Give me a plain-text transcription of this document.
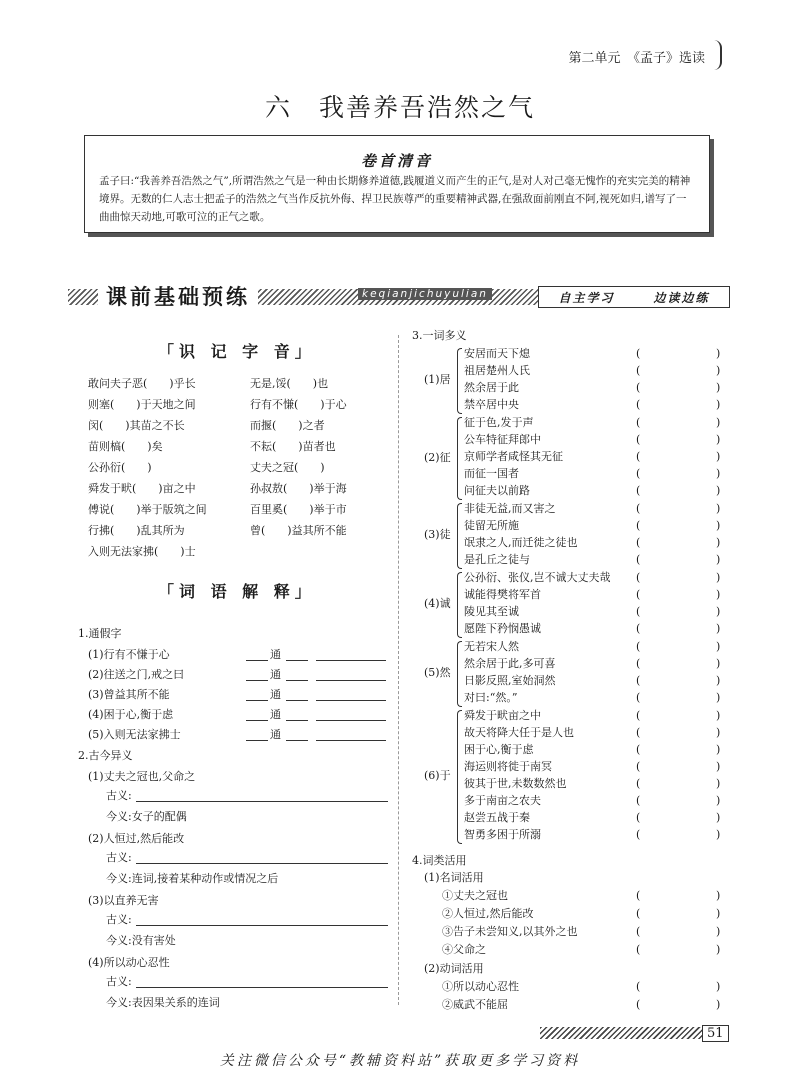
第二单元　《孟子》选读
六　我善养吾浩然之气
卷首清音
孟子曰:“我善养吾浩然之气”,所谓浩然之气是一种由长期修养道德,践履道义而产生的正气,是对人对己毫无愧怍的充实完美的精神境界。无数的仁人志士把孟子的浩然之气当作反抗外侮、捍卫民族尊严的重要精神武器,在强敌面前刚直不阿,视死如归,谱写了一曲曲惊天动地,可歌可泣的正气之歌。
课前基础预练	keqianjichuyulian	自主学习	边读边练
「识 记 字 音」
敢问夫子恶(　　)乎长	无是,馁(　　)也
则塞(　　)于天地之间	行有不慊(　　)于心
闵(　　)其苗之不长	而揠(　　)之者
苗则槁(　　)矣	不耘(　　)苗者也
公孙衍(　　)	丈夫之冠(　　)
舜发于畎(　　)亩之中	孙叔敖(　　)举于海
傅说(　　)举于版筑之间	百里奚(　　)举于市
行拂(　　)乱其所为	曾(　　)益其所不能
入则无法家拂(　　)士
「词 语 解 释」
1.通假字
(1)行有不慊于心	通
(2)往送之门,戒之曰	通
(3)曾益其所不能	通
(4)困于心,衡于虑	通
(5)入则无法家拂士	通
2.古今异义
(1)丈夫之冠也,父命之
古义:
今义:女子的配偶
(2)人恒过,然后能改
古义:
今义:连词,接着某种动作或情况之后
(3)以直养无害
古义:
今义:没有害处
(4)所以动心忍性
古义:
今义:表因果关系的连词
3.一词多义
(1)居
安居而天下熄	(	)
祖居楚州人氏	(	)
然余居于此	(	)
禁卒居中央	(	)
(2)征
征于色,发于声	(	)
公车特征拜郎中	(	)
京师学者咸怪其无征	(	)
而征一国者	(	)
问征夫以前路	(	)
(3)徒
非徒无益,而又害之	(	)
徒留无所施	(	)
氓隶之人,而迁徙之徒也	(	)
是孔丘之徒与	(	)
(4)诚
公孙衍、张仪,岂不诚大丈夫哉 (	)
诚能得樊将军首	(	)
陵见其至诚	(	)
愿陛下矜悯愚诚	(	)
(5)然
无若宋人然	(	)
然余居于此,多可喜	(	)
日影反照,室始洞然	(	)
对曰:“然。”	(	)
(6)于
舜发于畎亩之中	(	)
故天将降大任于是人也	(	)
困于心,衡于虑	(	)
海运则将徙于南冥	(	)
彼其于世,未数数然也	(	)
多于南亩之农夫	(	)
赵尝五战于秦	(	)
智勇多困于所溺	(	)
4.词类活用
(1)名词活用
①丈夫之冠也	(	)
②人恒过,然后能改	(	)
③告子未尝知义,以其外之也	(	)
④父命之	(	)
(2)动词活用
①所以动心忍性	(	)
②威武不能屈	(	)
51
关注微信公众号“教辅资料站”获取更多学习资料
